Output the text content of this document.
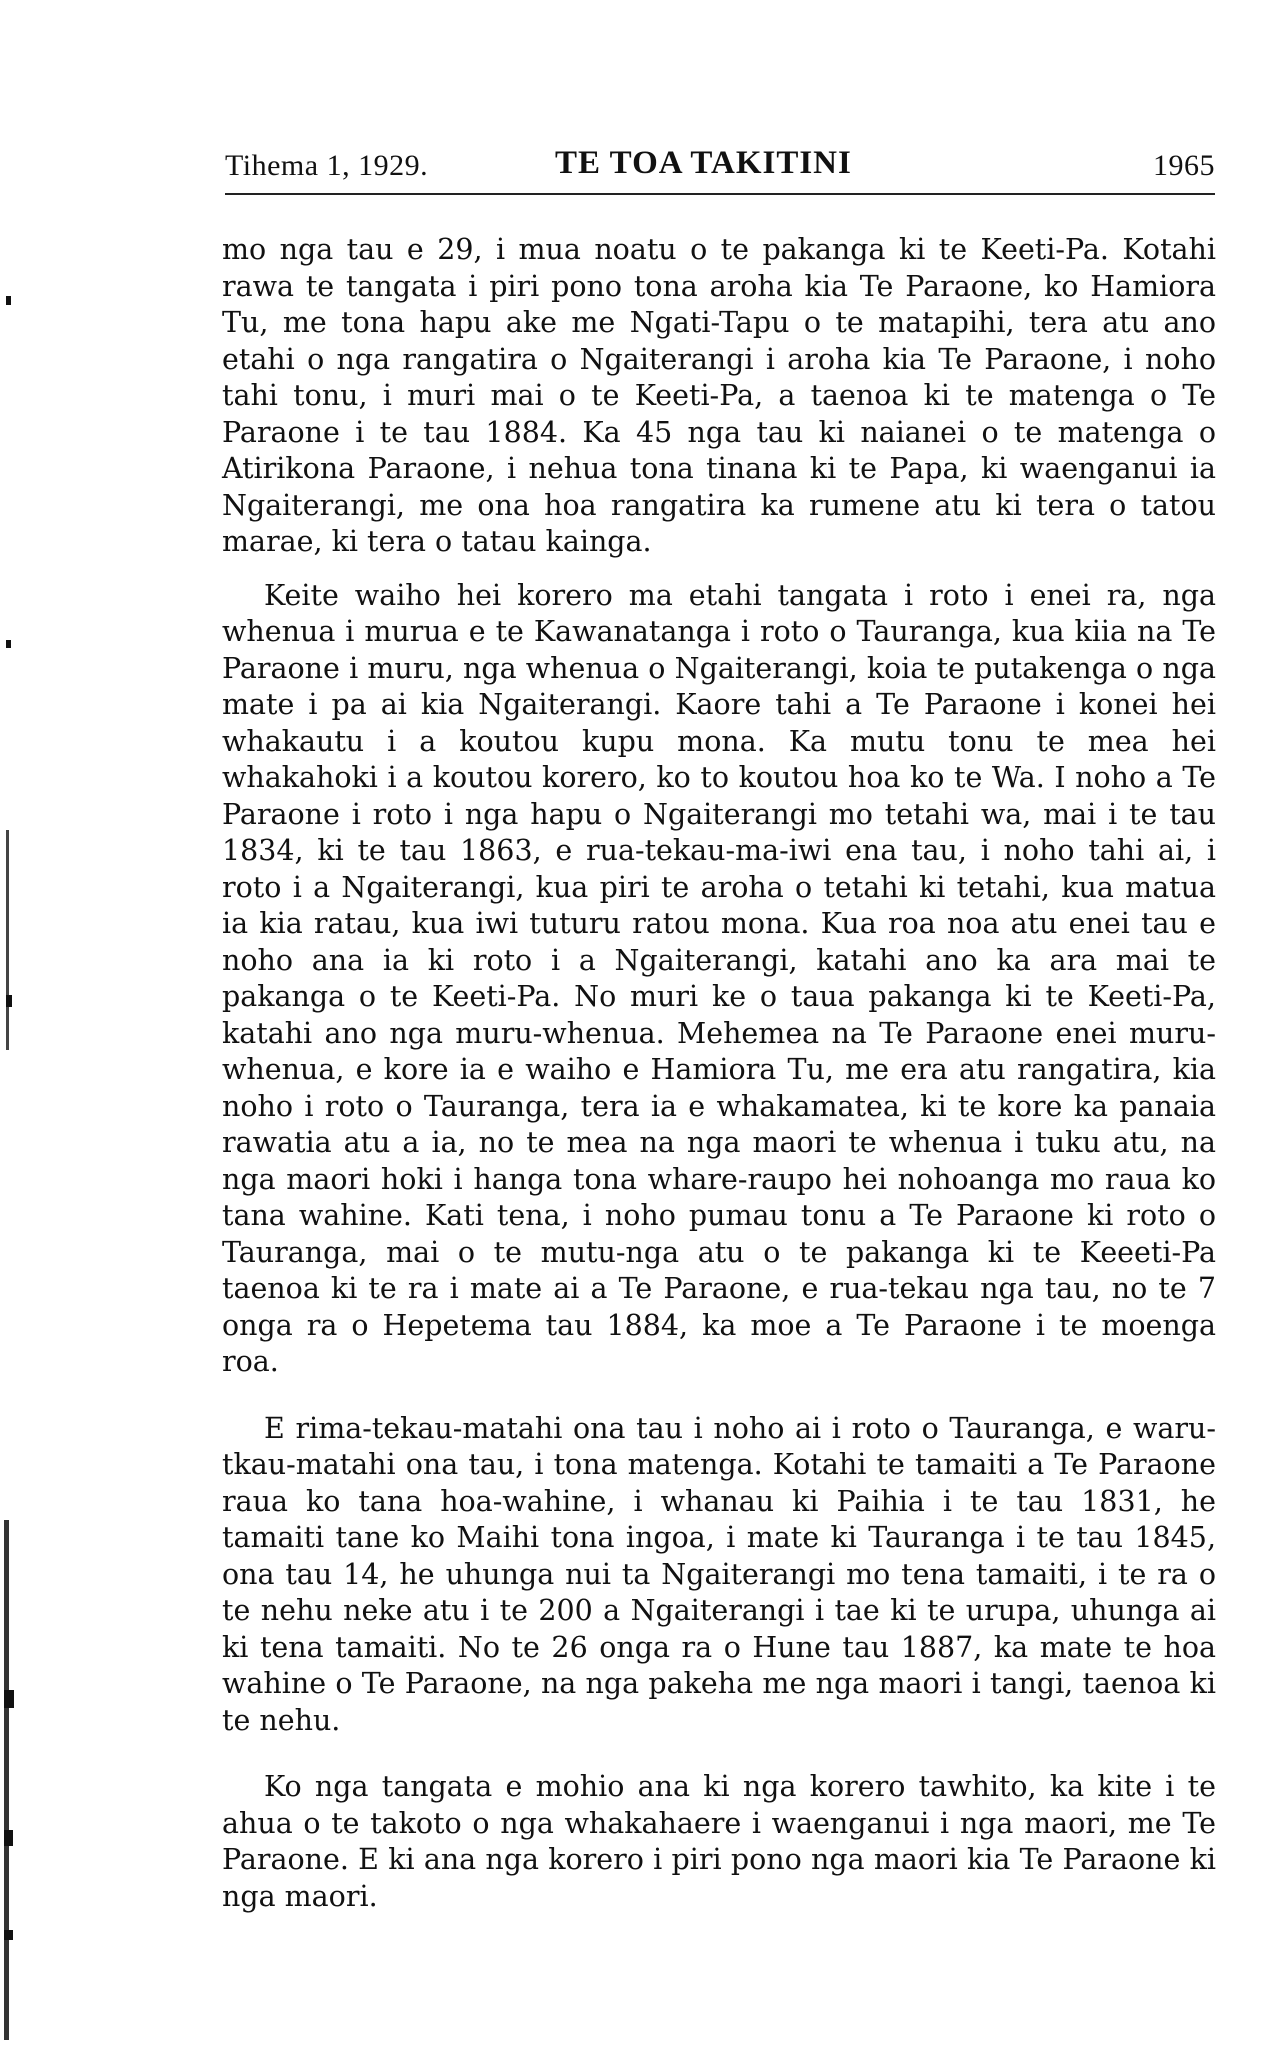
Tihema 1, 1929.	TE TOA TAKITINI	1965

mo nga tau e 29, i mua noatu o te pakanga ki te Keeti-Pa. Kotahi rawa te tangata i piri pono tona aroha kia Te Paraone, ko Hamiora Tu, me tona hapu ake me Ngati-Tapu o te matapihi, tera atu ano etahi o nga rangatira o Ngaiterangi i aroha kia Te Paraone, i noho tahi tonu, i muri mai o te Keeti-Pa, a taenoa ki te matenga o Te Paraone i te tau 1884. Ka 45 nga tau ki naianei o te matenga o Atirikona Paraone, i nehua tona tinana ki te Papa, ki waenganui ia Ngaiterangi, me ona hoa rangatira ka rumene atu ki tera o tatou marae, ki tera o tatau kainga.

Keite waiho hei korero ma etahi tangata i roto i enei ra, nga whenua i murua e te Kawanatanga i roto o Tauranga, kua kiia na Te Paraone i muru, nga whenua o Ngaiterangi, koia te putakenga o nga mate i pa ai kia Ngaiterangi. Kaore tahi a Te Paraone i konei hei whakautu i a koutou kupu mona. Ka mutu tonu te mea hei whakahoki i a koutou korero, ko to koutou hoa ko te Wa. I noho a Te Paraone i roto i nga hapu o Ngaiterangi mo tetahi wa, mai i te tau 1834, ki te tau 1863, e rua-tekau-ma-iwi ena tau, i noho tahi ai, i roto i a Ngaiterangi, kua piri te aroha o tetahi ki tetahi, kua matua ia kia ratau, kua iwi tuturu ratou mona. Kua roa noa atu enei tau e noho ana ia ki roto i a Ngaiterangi, katahi ano ka ara mai te pakanga o te Keeti-Pa. No muri ke o taua pakanga ki te Keeti-Pa, katahi ano nga muru-whenua. Mehemea na Te Paraone enei muru-whenua, e kore ia e waiho e Hamiora Tu, me era atu rangatira, kia noho i roto o Tauranga, tera ia e whakamatea, ki te kore ka panaia rawatia atu a ia, no te mea na nga maori te whenua i tuku atu, na nga maori hoki i hanga tona whare-raupo hei nohoanga mo raua ko tana wahine. Kati tena, i noho pumau tonu a Te Paraone ki roto o Tauranga, mai o te mutu-nga atu o te pakanga ki te Keeeti-Pa taenoa ki te ra i mate ai a Te Paraone, e rua-tekau nga tau, no te 7 onga ra o Hepetema tau 1884, ka moe a Te Paraone i te moenga roa.

E rima-tekau-matahi ona tau i noho ai i roto o Tauranga, e waru-tkau-matahi ona tau, i tona matenga. Kotahi te tamaiti a Te Paraone raua ko tana hoa-wahine, i whanau ki Paihia i te tau 1831, he tamaiti tane ko Maihi tona ingoa, i mate ki Tauranga i te tau 1845, ona tau 14, he uhunga nui ta Ngaiterangi mo tena tamaiti, i te ra o te nehu neke atu i te 200 a Ngaiterangi i tae ki te urupa, uhunga ai ki tena tamaiti. No te 26 onga ra o Hune tau 1887, ka mate te hoa wahine o Te Paraone, na nga pakeha me nga maori i tangi, taenoa ki te nehu.

Ko nga tangata e mohio ana ki nga korero tawhito, ka kite i te ahua o te takoto o nga whakahaere i waenganui i nga maori, me Te Paraone. E ki ana nga korero i piri pono nga maori kia Te Paraone ki nga maori.
